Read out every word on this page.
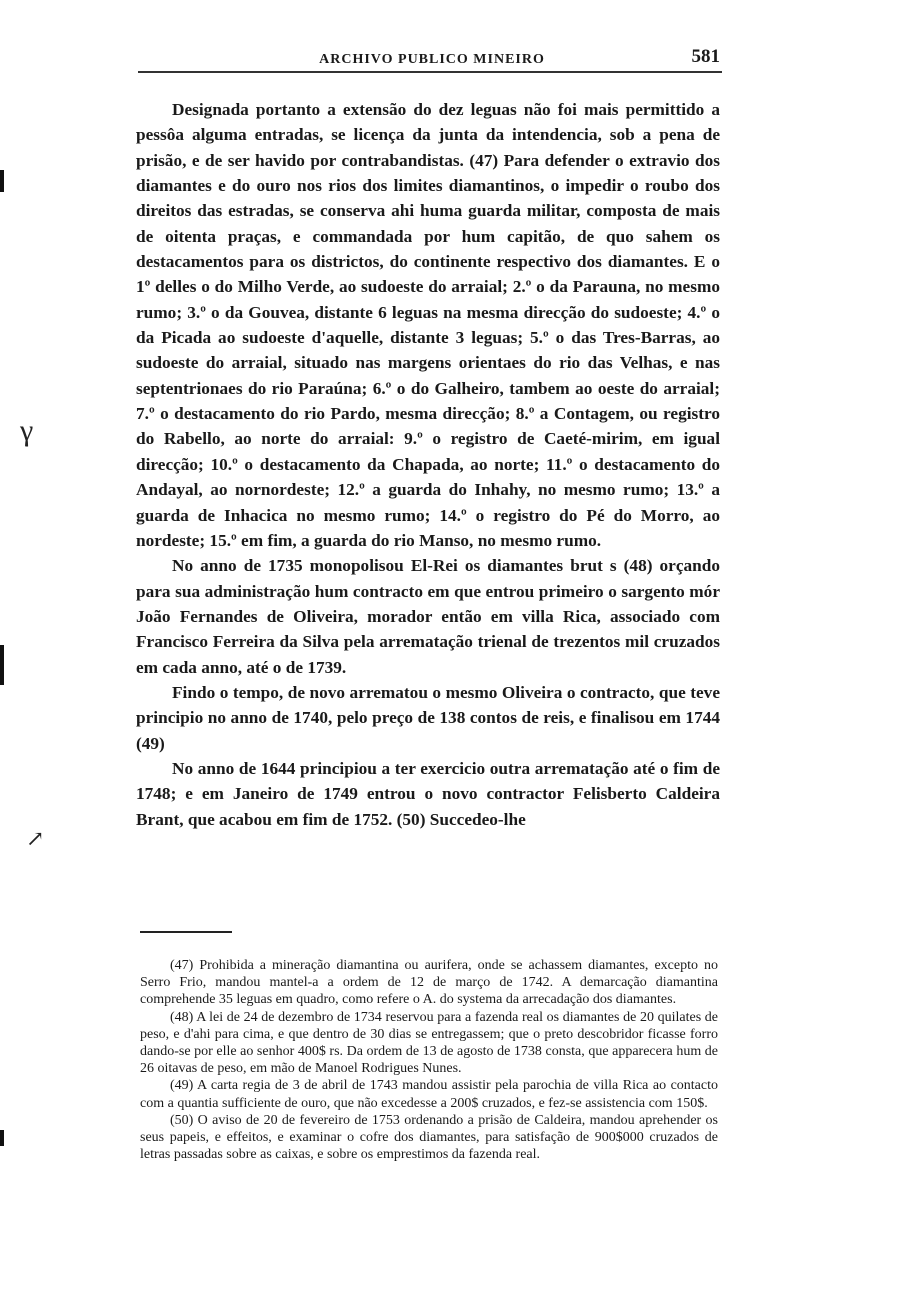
ARCHIVO PUBLICO MINEIRO	581

Designada portanto a extensão do dez leguas não foi mais permittido a pessôa alguma entradas, se licença da junta da intendencia, sob a pena de prisão, e de ser havido por contrabandistas. (47) Para defender o extravio dos diamantes e do ouro nos rios dos limites diamantinos, o impedir o roubo dos direitos das estradas, se conserva ahi huma guarda militar, composta de mais de oitenta praças, e commandada por hum capitão, de quo sahem os destacamentos para os districtos, do continente respectivo dos diamantes. E o 1º delles o do Milho Verde, ao sudoeste do arraial; 2.º o da Parauna, no mesmo rumo; 3.º o da Gouvea, distante 6 leguas na mesma direcção do sudoeste; 4.º o da Picada ao sudoeste d'aquelle, distante 3 leguas; 5.º o das Tres-Barras, ao sudoeste do arraial, situado nas margens orientaes do rio das Velhas, e nas septentrionaes do rio Paraúna; 6.º o do Galheiro, tambem ao oeste do arraial; 7.º o destacamento do rio Pardo, mesma direcção; 8.º a Contagem, ou registro do Rabello, ao norte do arraial: 9.º o registro de Caeté-mirim, em igual direcção; 10.º o destacamento da Chapada, ao norte; 11.º o destacamento do Andayal, ao nornordeste; 12.º a guarda do Inhahy, no mesmo rumo; 13.º a guarda de Inhacica no mesmo rumo; 14.º o registro do Pé do Morro, ao nordeste; 15.º em fim, a guarda do rio Manso, no mesmo rumo.

No anno de 1735 monopolisou El-Rei os diamantes brut s (48) orçando para sua administração hum contracto em que entrou primeiro o sargento mór João Fernandes de Oliveira, morador então em villa Rica, associado com Francisco Ferreira da Silva pela arrematação trienal de trezentos mil cruzados em cada anno, até o de 1739.

Findo o tempo, de novo arrematou o mesmo Oliveira o contracto, que teve principio no anno de 1740, pelo preço de 138 contos de reis, e finalisou em 1744 (49)

No anno de 1644 principiou a ter exercicio outra arrematação até o fim de 1748; e em Janeiro de 1749 entrou o novo contractor Felisberto Caldeira Brant, que acabou em fim de 1752. (50) Succedeo-lhe

(47) Prohibida a mineração diamantina ou aurifera, onde se achassem diamantes, excepto no Serro Frio, mandou mantel-a a ordem de 12 de março de 1742. A demarcação diamantina comprehende 35 leguas em quadro, como refere o A. do systema da arrecadação dos diamantes.

(48) A lei de 24 de dezembro de 1734 reservou para a fazenda real os diamantes de 20 quilates de peso, e d'ahi para cima, e que dentro de 30 dias se entregassem; que o preto descobridor ficasse forro dando-se por elle ao senhor 400$ rs. Da ordem de 13 de agosto de 1738 consta, que apparecera hum de 26 oitavas de peso, em mão de Manoel Rodrigues Nunes.

(49) A carta regia de 3 de abril de 1743 mandou assistir pela parochia de villa Rica ao contacto com a quantia sufficiente de ouro, que não excedesse a 200$ cruzados, e fez-se assistencia com 150$.

(50) O aviso de 20 de fevereiro de 1753 ordenando a prisão de Caldeira, mandou aprehender os seus papeis, e effeitos, e examinar o cofre dos diamantes, para satisfação de 900$000 cruzados de letras passadas sobre as caixas, e sobre os emprestimos da fazenda real.

γ
↗
